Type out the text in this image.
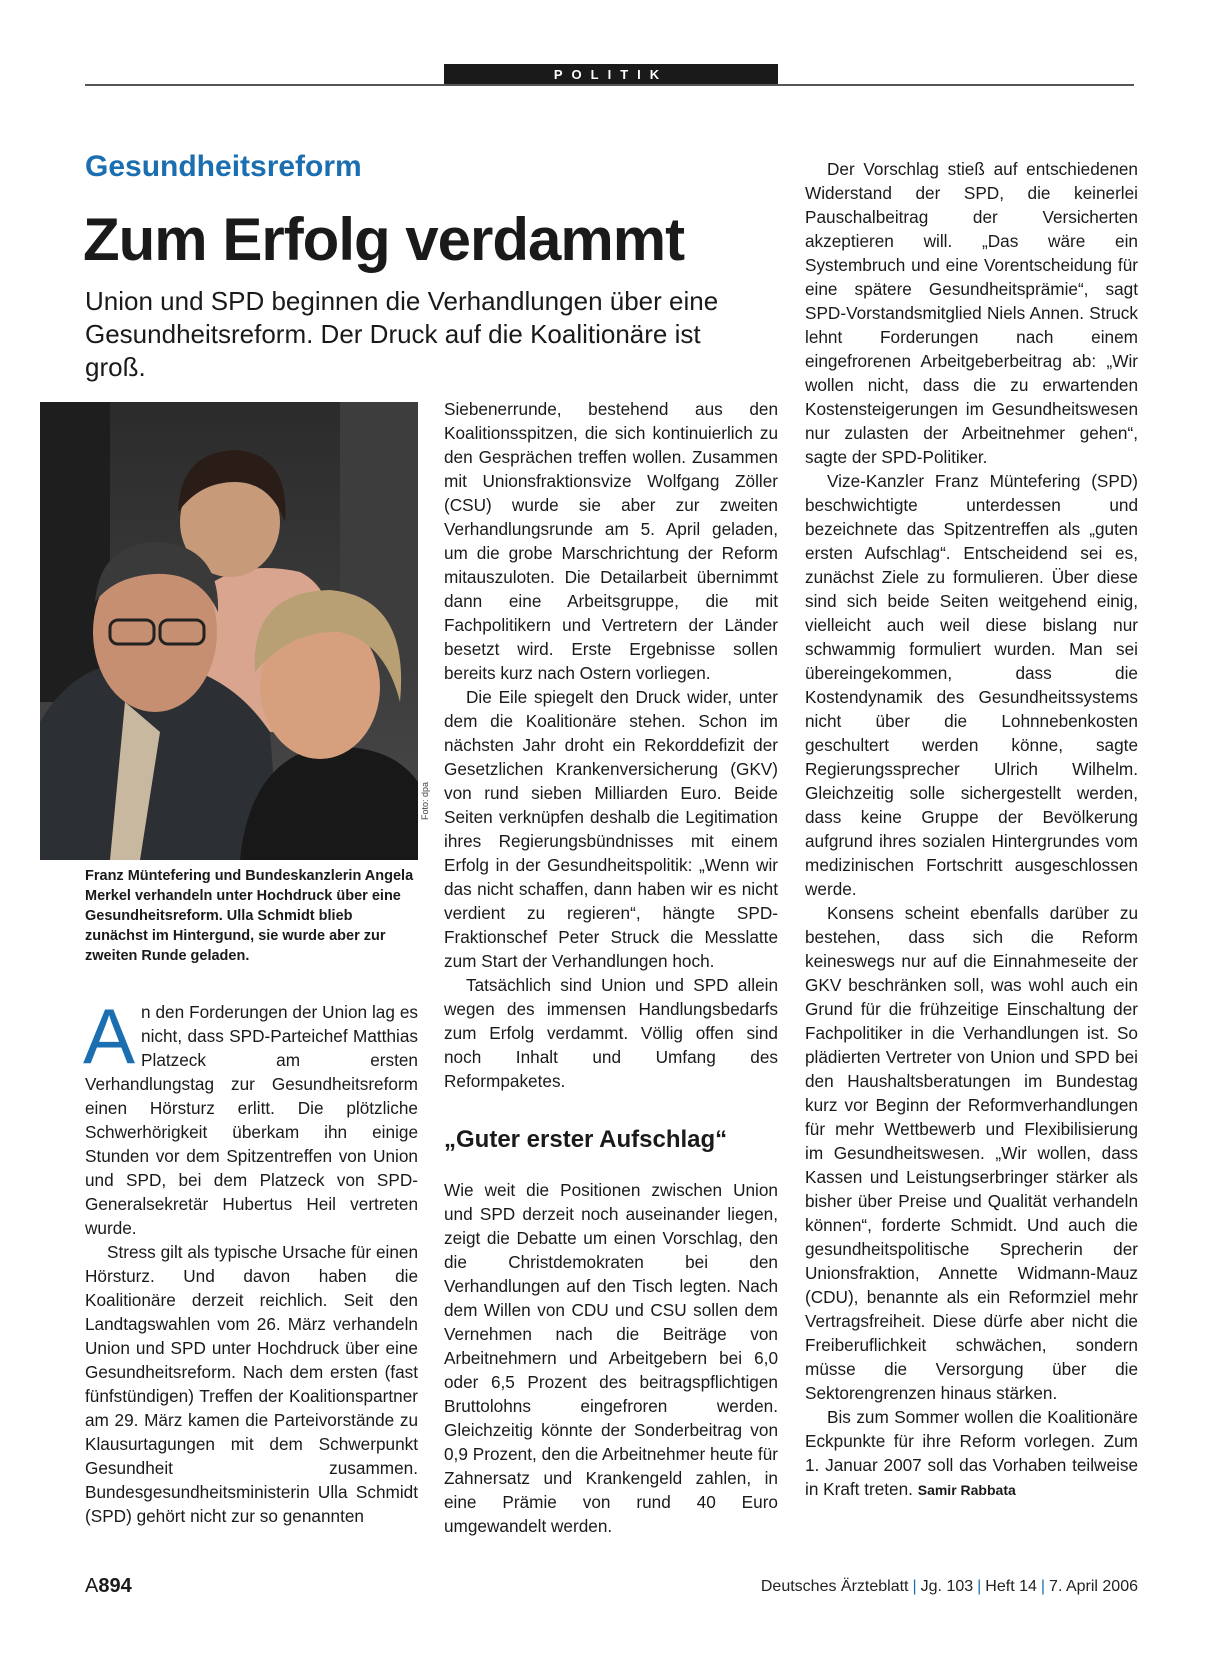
POLITIK
Gesundheitsreform
Zum Erfolg verdammt
Union und SPD beginnen die Verhandlungen über eine Gesundheitsreform. Der Druck auf die Koalitionäre ist groß.
Foto: dpa
Franz Müntefering und Bundeskanzlerin Angela Merkel verhandeln unter Hochdruck über eine Gesundheitsreform. Ulla Schmidt blieb zunächst im Hintergund, sie wurde aber zur zweiten Runde geladen.

An den Forderungen der Union lag es nicht, dass SPD-Parteichef Matthias Platzeck am ersten Verhandlungstag zur Gesundheitsreform einen Hörsturz erlitt. Die plötzliche Schwerhörigkeit überkam ihn einige Stunden vor dem Spitzentreffen von Union und SPD, bei dem Platzeck von SPD-Generalsekretär Hubertus Heil vertreten wurde.

Stress gilt als typische Ursache für einen Hörsturz. Und davon haben die Koalitionäre derzeit reichlich. Seit den Landtagswahlen vom 26. März verhandeln Union und SPD unter Hochdruck über eine Gesundheitsreform. Nach dem ersten (fast fünfstündigen) Treffen der Koalitionspartner am 29. März kamen die Parteivorstände zu Klausurtagungen mit dem Schwerpunkt Gesundheit zusammen. Bundesgesundheitsministerin Ulla Schmidt (SPD) gehört nicht zur so genannten

Siebenerrunde, bestehend aus den Koalitionsspitzen, die sich kontinuierlich zu den Gesprächen treffen wollen. Zusammen mit Unionsfraktionsvize Wolfgang Zöller (CSU) wurde sie aber zur zweiten Verhandlungsrunde am 5. April geladen, um die grobe Marschrichtung der Reform mitauszuloten. Die Detailarbeit übernimmt dann eine Arbeitsgruppe, die mit Fachpolitikern und Vertretern der Länder besetzt wird. Erste Ergebnisse sollen bereits kurz nach Ostern vorliegen.

Die Eile spiegelt den Druck wider, unter dem die Koalitionäre stehen. Schon im nächsten Jahr droht ein Rekorddefizit der Gesetzlichen Krankenversicherung (GKV) von rund sieben Milliarden Euro. Beide Seiten verknüpfen deshalb die Legitimation ihres Regierungsbündnisses mit einem Erfolg in der Gesundheitspolitik: „Wenn wir das nicht schaffen, dann haben wir es nicht verdient zu regieren“, hängte SPD-Fraktionschef Peter Struck die Messlatte zum Start der Verhandlungen hoch.

Tatsächlich sind Union und SPD allein wegen des immensen Handlungsbedarfs zum Erfolg verdammt. Völlig offen sind noch Inhalt und Umfang des Reformpaketes.

„Guter erster Aufschlag“

Wie weit die Positionen zwischen Union und SPD derzeit noch auseinander liegen, zeigt die Debatte um einen Vorschlag, den die Christdemokraten bei den Verhandlungen auf den Tisch legten. Nach dem Willen von CDU und CSU sollen dem Vernehmen nach die Beiträge von Arbeitnehmern und Arbeitgebern bei 6,0 oder 6,5 Prozent des beitragspflichtigen Bruttolohns eingefroren werden. Gleichzeitig könnte der Sonderbeitrag von 0,9 Prozent, den die Arbeitnehmer heute für Zahnersatz und Krankengeld zahlen, in eine Prämie von rund 40 Euro umgewandelt werden.

Der Vorschlag stieß auf entschiedenen Widerstand der SPD, die keinerlei Pauschalbeitrag der Versicherten akzeptieren will. „Das wäre ein Systembruch und eine Vorentscheidung für eine spätere Gesundheitsprämie“, sagt SPD-Vorstandsmitglied Niels Annen. Struck lehnt Forderungen nach einem eingefrorenen Arbeitgeberbeitrag ab: „Wir wollen nicht, dass die zu erwartenden Kostensteigerungen im Gesundheitswesen nur zulasten der Arbeitnehmer gehen“, sagte der SPD-Politiker.

Vize-Kanzler Franz Müntefering (SPD) beschwichtigte unterdessen und bezeichnete das Spitzentreffen als „guten ersten Aufschlag“. Entscheidend sei es, zunächst Ziele zu formulieren. Über diese sind sich beide Seiten weitgehend einig, vielleicht auch weil diese bislang nur schwammig formuliert wurden. Man sei übereingekommen, dass die Kostendynamik des Gesundheitssystems nicht über die Lohnnebenkosten geschultert werden könne, sagte Regierungssprecher Ulrich Wilhelm. Gleichzeitig solle sichergestellt werden, dass keine Gruppe der Bevölkerung aufgrund ihres sozialen Hintergrundes vom medizinischen Fortschritt ausgeschlossen werde.

Konsens scheint ebenfalls darüber zu bestehen, dass sich die Reform keineswegs nur auf die Einnahmeseite der GKV beschränken soll, was wohl auch ein Grund für die frühzeitige Einschaltung der Fachpolitiker in die Verhandlungen ist. So plädierten Vertreter von Union und SPD bei den Haushaltsberatungen im Bundestag kurz vor Beginn der Reformverhandlungen für mehr Wettbewerb und Flexibilisierung im Gesundheitswesen. „Wir wollen, dass Kassen und Leistungserbringer stärker als bisher über Preise und Qualität verhandeln können“, forderte Schmidt. Und auch die gesundheitspolitische Sprecherin der Unionsfraktion, Annette Widmann-Mauz (CDU), benannte als ein Reformziel mehr Vertragsfreiheit. Diese dürfe aber nicht die Freiberuflichkeit schwächen, sondern müsse die Versorgung über die Sektorengrenzen hinaus stärken.

Bis zum Sommer wollen die Koalitionäre Eckpunkte für ihre Reform vorlegen. Zum 1. Januar 2007 soll das Vorhaben teilweise in Kraft treten. Samir Rabbata

A894	Deutsches Ärzteblatt | Jg. 103 | Heft 14 | 7. April 2006
